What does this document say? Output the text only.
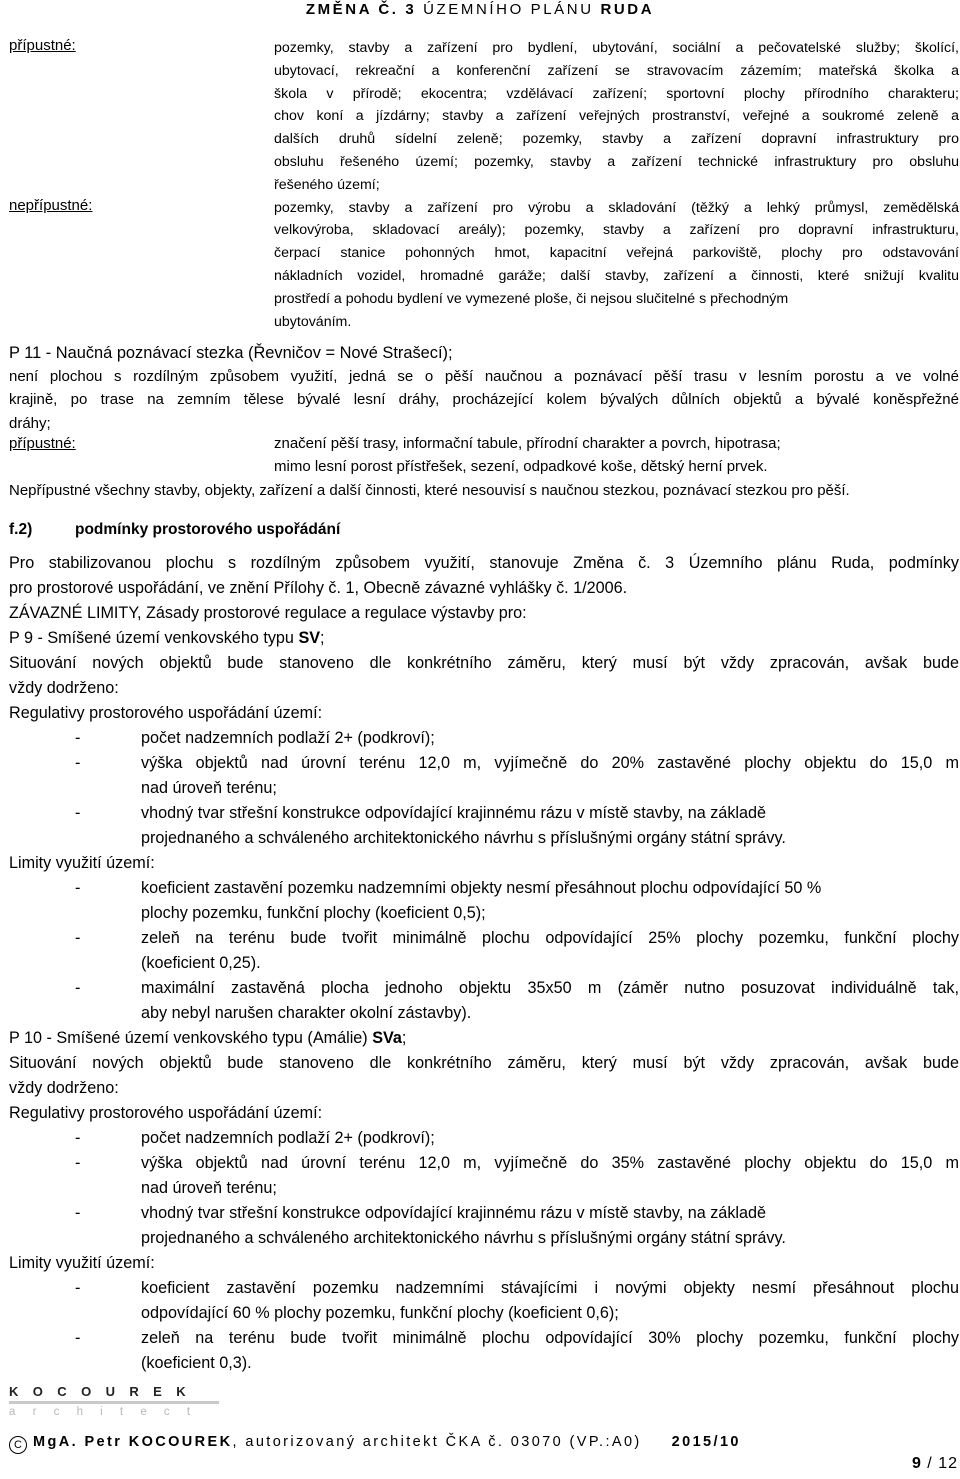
ZMĚNA Č. 3 ÚZEMNÍHO PLÁNU RUDA
přípustné:	pozemky, stavby a zařízení pro bydlení, ubytování, sociální a pečovatelské služby; školící,
ubytovací, rekreační a konferenční zařízení se stravovacím zázemím; mateřská školka a
škola v přírodě; ekocentra; vzdělávací zařízení; sportovní plochy přírodního charakteru;
chov koní a jízdárny; stavby a zařízení veřejných prostranství, veřejné a soukromé zeleně a
dalších druhů sídelní zeleně; pozemky, stavby a zařízení dopravní infrastruktury pro
obsluhu řešeného území; pozemky, stavby a zařízení technické infrastruktury pro obsluhu
řešeného území;
nepřípustné:	pozemky, stavby a zařízení pro výrobu a skladování (těžký a lehký průmysl, zemědělská
velkovýroba, skladovací areály); pozemky, stavby a zařízení pro dopravní infrastrukturu,
čerpací stanice pohonných hmot, kapacitní veřejná parkoviště, plochy pro odstavování
nákladních vozidel, hromadné garáže; další stavby, zařízení a činnosti, které snižují kvalitu
prostředí a pohodu bydlení ve vymezené ploše, či nejsou slučitelné s přechodným
ubytováním.
P 11 - Naučná poznávací stezka (Řevničov = Nové Strašecí);
není plochou s rozdílným způsobem využití, jedná se o pěší naučnou a poznávací pěší trasu v lesním porostu a ve volné
krajině, po trase na zemním tělese bývalé lesní dráhy, procházející kolem bývalých důlních objektů a bývalé koněspřežné
dráhy;
přípustné:	značení pěší trasy, informační tabule, přírodní charakter a povrch, hipotrasa;
mimo lesní porost přístřešek, sezení, odpadkové koše, dětský herní prvek.
Nepřípustné všechny stavby, objekty, zařízení a další činnosti, které nesouvisí s naučnou stezkou, poznávací stezkou pro pěší.
f.2)	podmínky prostorového uspořádání
Pro stabilizovanou plochu s rozdílným způsobem využití, stanovuje Změna č. 3 Územního plánu Ruda, podmínky
pro prostorové uspořádání, ve znění Přílohy č. 1, Obecně závazné vyhlášky č. 1/2006.
ZÁVAZNÉ LIMITY, Zásady prostorové regulace a regulace výstavby pro:
P 9 - Smíšené území venkovského typu SV;
Situování nových objektů bude stanoveno dle konkrétního záměru, který musí být vždy zpracován, avšak bude
vždy dodrženo:
Regulativy prostorového uspořádání území:
-	počet nadzemních podlaží 2+ (podkroví);
-	výška objektů nad úrovní terénu 12,0 m, vyjímečně do 20% zastavěné plochy objektu do 15,0 m
nad úroveň terénu;
-	vhodný tvar střešní konstrukce odpovídající krajinnému rázu v místě stavby, na základě
projednaného a schváleného architektonického návrhu s příslušnými orgány státní správy.
Limity využití území:
-	koeficient zastavění pozemku nadzemními objekty nesmí přesáhnout plochu odpovídající 50 %
plochy pozemku, funkční plochy (koeficient 0,5);
-	zeleň na terénu bude tvořit minimálně plochu odpovídající 25% plochy pozemku, funkční plochy
(koeficient 0,25).
-	maximální zastavěná plocha jednoho objektu 35x50 m (záměr nutno posuzovat individuálně tak,
aby nebyl narušen charakter okolní zástavby).
P 10 - Smíšené území venkovského typu (Amálie) SVa;
Situování nových objektů bude stanoveno dle konkrétního záměru, který musí být vždy zpracován, avšak bude
vždy dodrženo:
Regulativy prostorového uspořádání území:
-	počet nadzemních podlaží 2+ (podkroví);
-	výška objektů nad úrovní terénu 12,0 m, vyjímečně do 35% zastavěné plochy objektu do 15,0 m
nad úroveň terénu;
-	vhodný tvar střešní konstrukce odpovídající krajinnému rázu v místě stavby, na základě
projednaného a schváleného architektonického návrhu s příslušnými orgány státní správy.
Limity využití území:
-	koeficient zastavění pozemku nadzemními stávajícími i novými objekty nesmí přesáhnout plochu
odpovídající 60 % plochy pozemku, funkční plochy (koeficient 0,6);
-	zeleň na terénu bude tvořit minimálně plochu odpovídající 30% plochy pozemku, funkční plochy
(koeficient 0,3).
KOCOUREK
architect
C MgA. Petr KOCOUREK, autorizovaný architekt ČKA č. 03070 (VP.:A0) 2015/10
9 / 12
